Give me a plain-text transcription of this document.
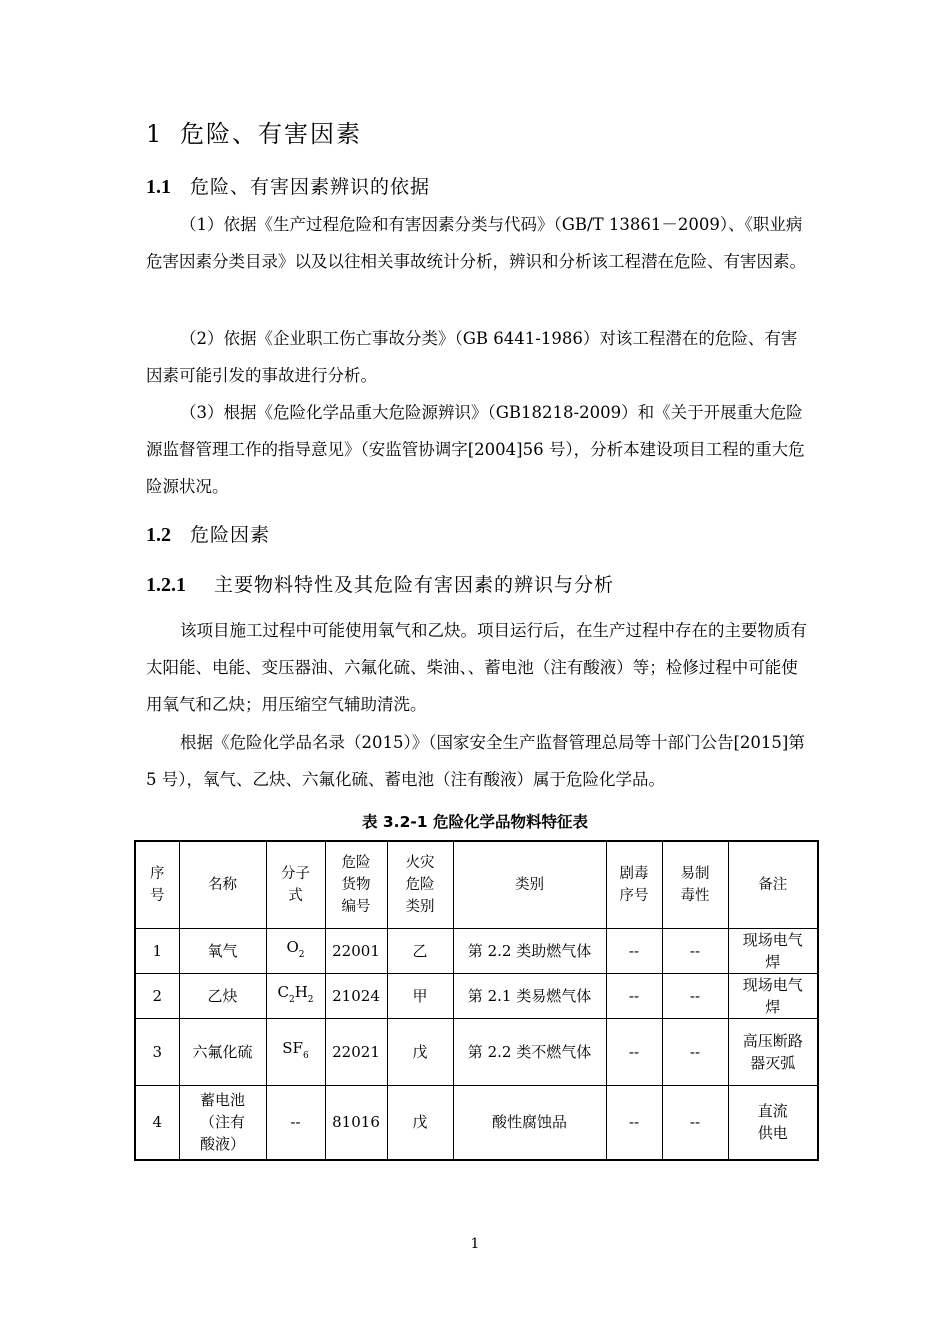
1 危险、有害因素
1.1 危险、有害因素辨识的依据

（1）依据《生产过程危险和有害因素分类与代码》（GB/T 13861－2009）、《职业病危害因素分类目录》以及以往相关事故统计分析，辨识和分析该工程潜在危险、有害因素。

（2）依据《企业职工伤亡事故分类》（GB 6441-1986）对该工程潜在的危险、有害因素可能引发的事故进行分析。

（3）根据《危险化学品重大危险源辨识》（GB18218-2009）和《关于开展重大危险源监督管理工作的指导意见》（安监管协调字[2004]56 号），分析本建设项目工程的重大危险源状况。

1.2 危险因素
1.2.1 主要物料特性及其危险有害因素的辨识与分析

该项目施工过程中可能使用氧气和乙炔。项目运行后，在生产过程中存在的主要物质有太阳能、电能、变压器油、六氟化硫、柴油、、蓄电池（注有酸液）等；检修过程中可能使用氧气和乙炔；用压缩空气辅助清洗。

根据《危险化学品名录（2015）》（国家安全生产监督管理总局等十部门公告[2015]第 5 号），氧气、乙炔、六氟化硫、蓄电池（注有酸液）属于危险化学品。

表 3.2-1 危险化学品物料特征表
序号	名称	分子式	危险货物编号	火灾危险类别	类别	剧毒序号	易制毒性	备注
1	氧气	$O_2$	22001	乙	第 2.2 类助燃气体	--	--	现场电气焊
2	乙炔	$C_2H_2$	21024	甲	第 2.1 类易燃气体	--	--	现场电气焊
3	六氟化硫	$SF_6$	22021	戊	第 2.2 类不燃气体	--	--	高压断路器灭弧
4	蓄电池（注有酸液）	--	81016	戊	酸性腐蚀品	--	--	直流供电
1
